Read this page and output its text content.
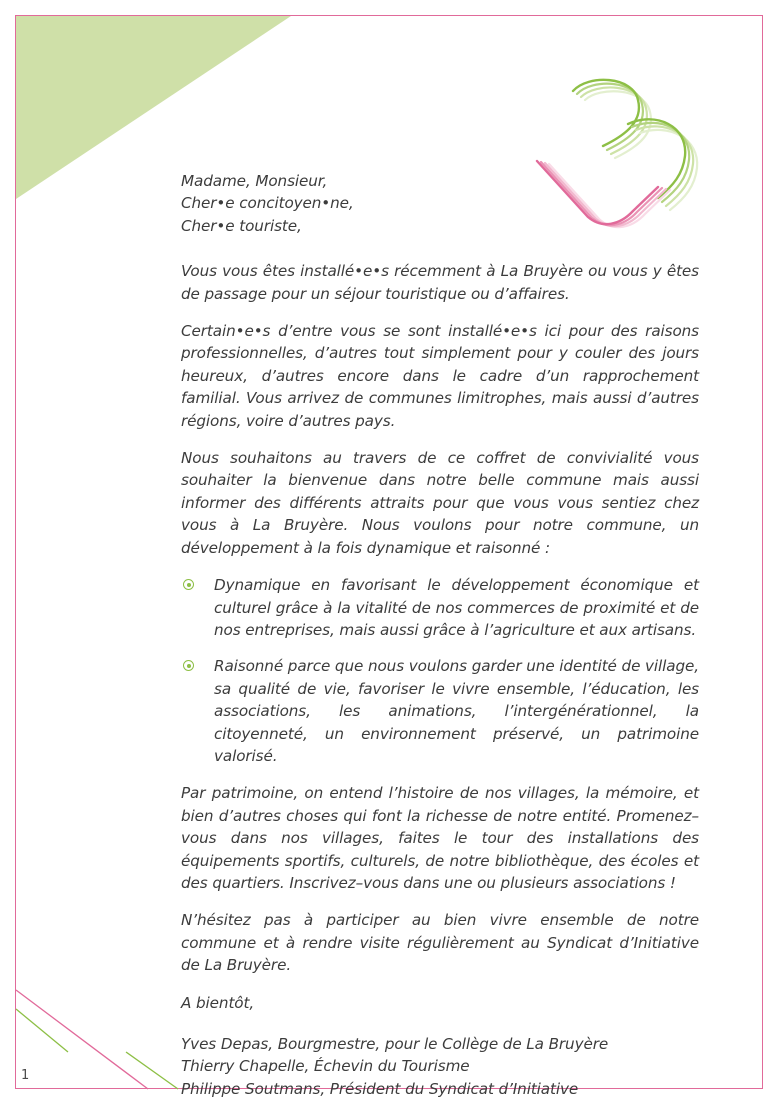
Madame, Monsieur,
Cher•e concitoyen•ne,
Cher•e touriste,

Vous vous êtes installé•e•s récemment à La Bruyère ou vous y êtes de passage pour un séjour touristique ou d’affaires.

Certain•e•s d’entre vous se sont installé•e•s ici pour des raisons professionnelles, d’autres tout simplement pour y couler des jours heureux, d’autres encore dans le cadre d’un rapprochement familial. Vous arrivez de communes limitrophes, mais aussi d’autres régions, voire d’autres pays.

Nous souhaitons au travers de ce coffret de convivialité vous souhaiter la bienvenue dans notre belle commune mais aussi informer des différents attraits pour que vous vous sentiez chez vous à La Bruyère. Nous voulons pour notre commune, un développement à la fois dynamique et raisonné :

Dynamique en favorisant le développement économique et culturel grâce à la vitalité de nos commerces de proximité et de nos entreprises, mais aussi grâce à l’agriculture et aux artisans.
Raisonné parce que nous voulons garder une identité de village, sa qualité de vie, favoriser le vivre ensemble, l’éducation, les associations, les animations, l’intergénérationnel, la citoyenneté, un environnement préservé, un patrimoine valorisé.

Par patrimoine, on entend l’histoire de nos villages, la mémoire, et bien d’autres choses qui font la richesse de notre entité. Promenez–vous dans nos villages, faites le tour des installations des équipements sportifs, culturels, de notre bibliothèque, des écoles et des quartiers. Inscrivez–vous dans une ou plusieurs associations !

N’hésitez pas à participer au bien vivre ensemble de notre commune et à rendre visite régulièrement au Syndicat d’Initiative de La Bruyère.

A bientôt,

Yves Depas, Bourgmestre, pour le Collège de La Bruyère

Thierry Chapelle, Échevin du Tourisme

Philippe Soutmans, Président du Syndicat d’Initiative

1
